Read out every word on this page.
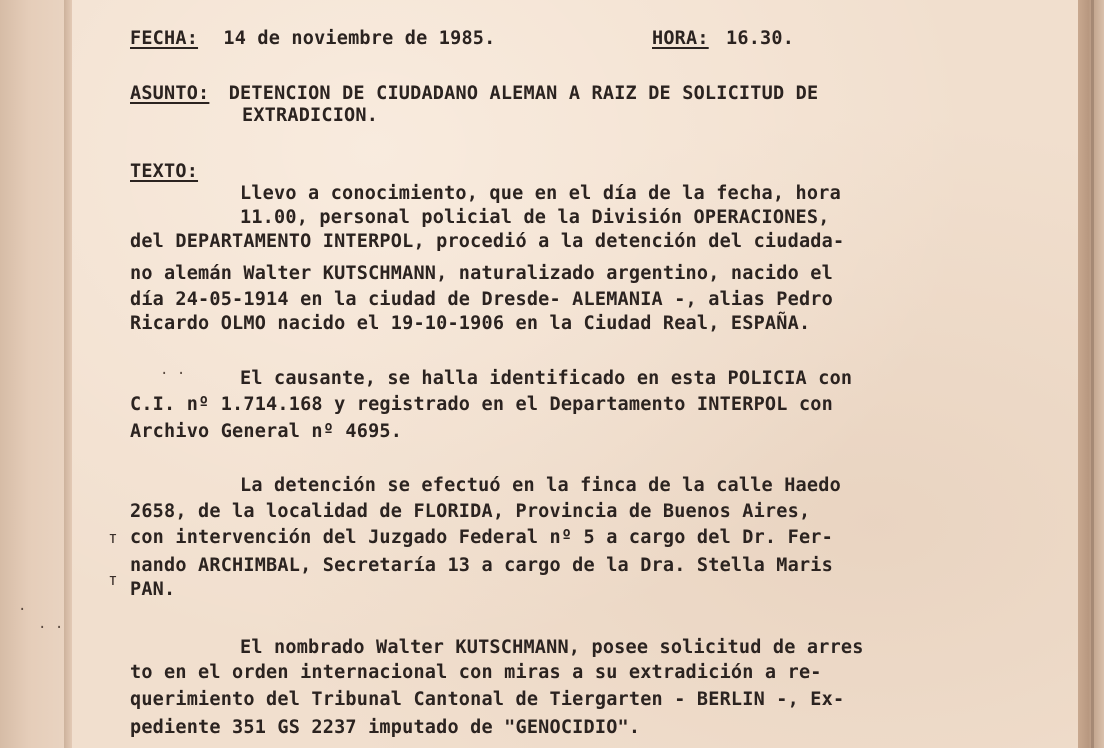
.
. .
т
т
. .
FECHA: 14 de noviembre de 1985.	HORA: 16.30.
ASUNTO: DETENCION DE CIUDADANO ALEMAN A RAIZ DE SOLICITUD DE
EXTRADICION.
TEXTO:
Llevo a conocimiento, que en el día de la fecha, hora
11.00, personal policial de la División OPERACIONES,
del DEPARTAMENTO INTERPOL, procedió a la detención del ciudada-
no alemán Walter KUTSCHMANN, naturalizado argentino, nacido el
día 24-05-1914 en la ciudad de Dresde- ALEMANIA -, alias Pedro
Ricardo OLMO nacido el 19-10-1906 en la Ciudad Real, ESPAÑA.
El causante, se halla identificado en esta POLICIA con
C.I. nº 1.714.168 y registrado en el Departamento INTERPOL con
Archivo General nº 4695.
La detención se efectuó en la finca de la calle Haedo
2658, de la localidad de FLORIDA, Provincia de Buenos Aires,
con intervención del Juzgado Federal nº 5 a cargo del Dr. Fer-
nando ARCHIMBAL, Secretaría 13 a cargo de la Dra. Stella Maris
PAN.
El nombrado Walter KUTSCHMANN, posee solicitud de arres
to en el orden internacional con miras a su extradición a re-
querimiento del Tribunal Cantonal de Tiergarten - BERLIN -, Ex-
pediente 351 GS 2237 imputado de "GENOCIDIO".
